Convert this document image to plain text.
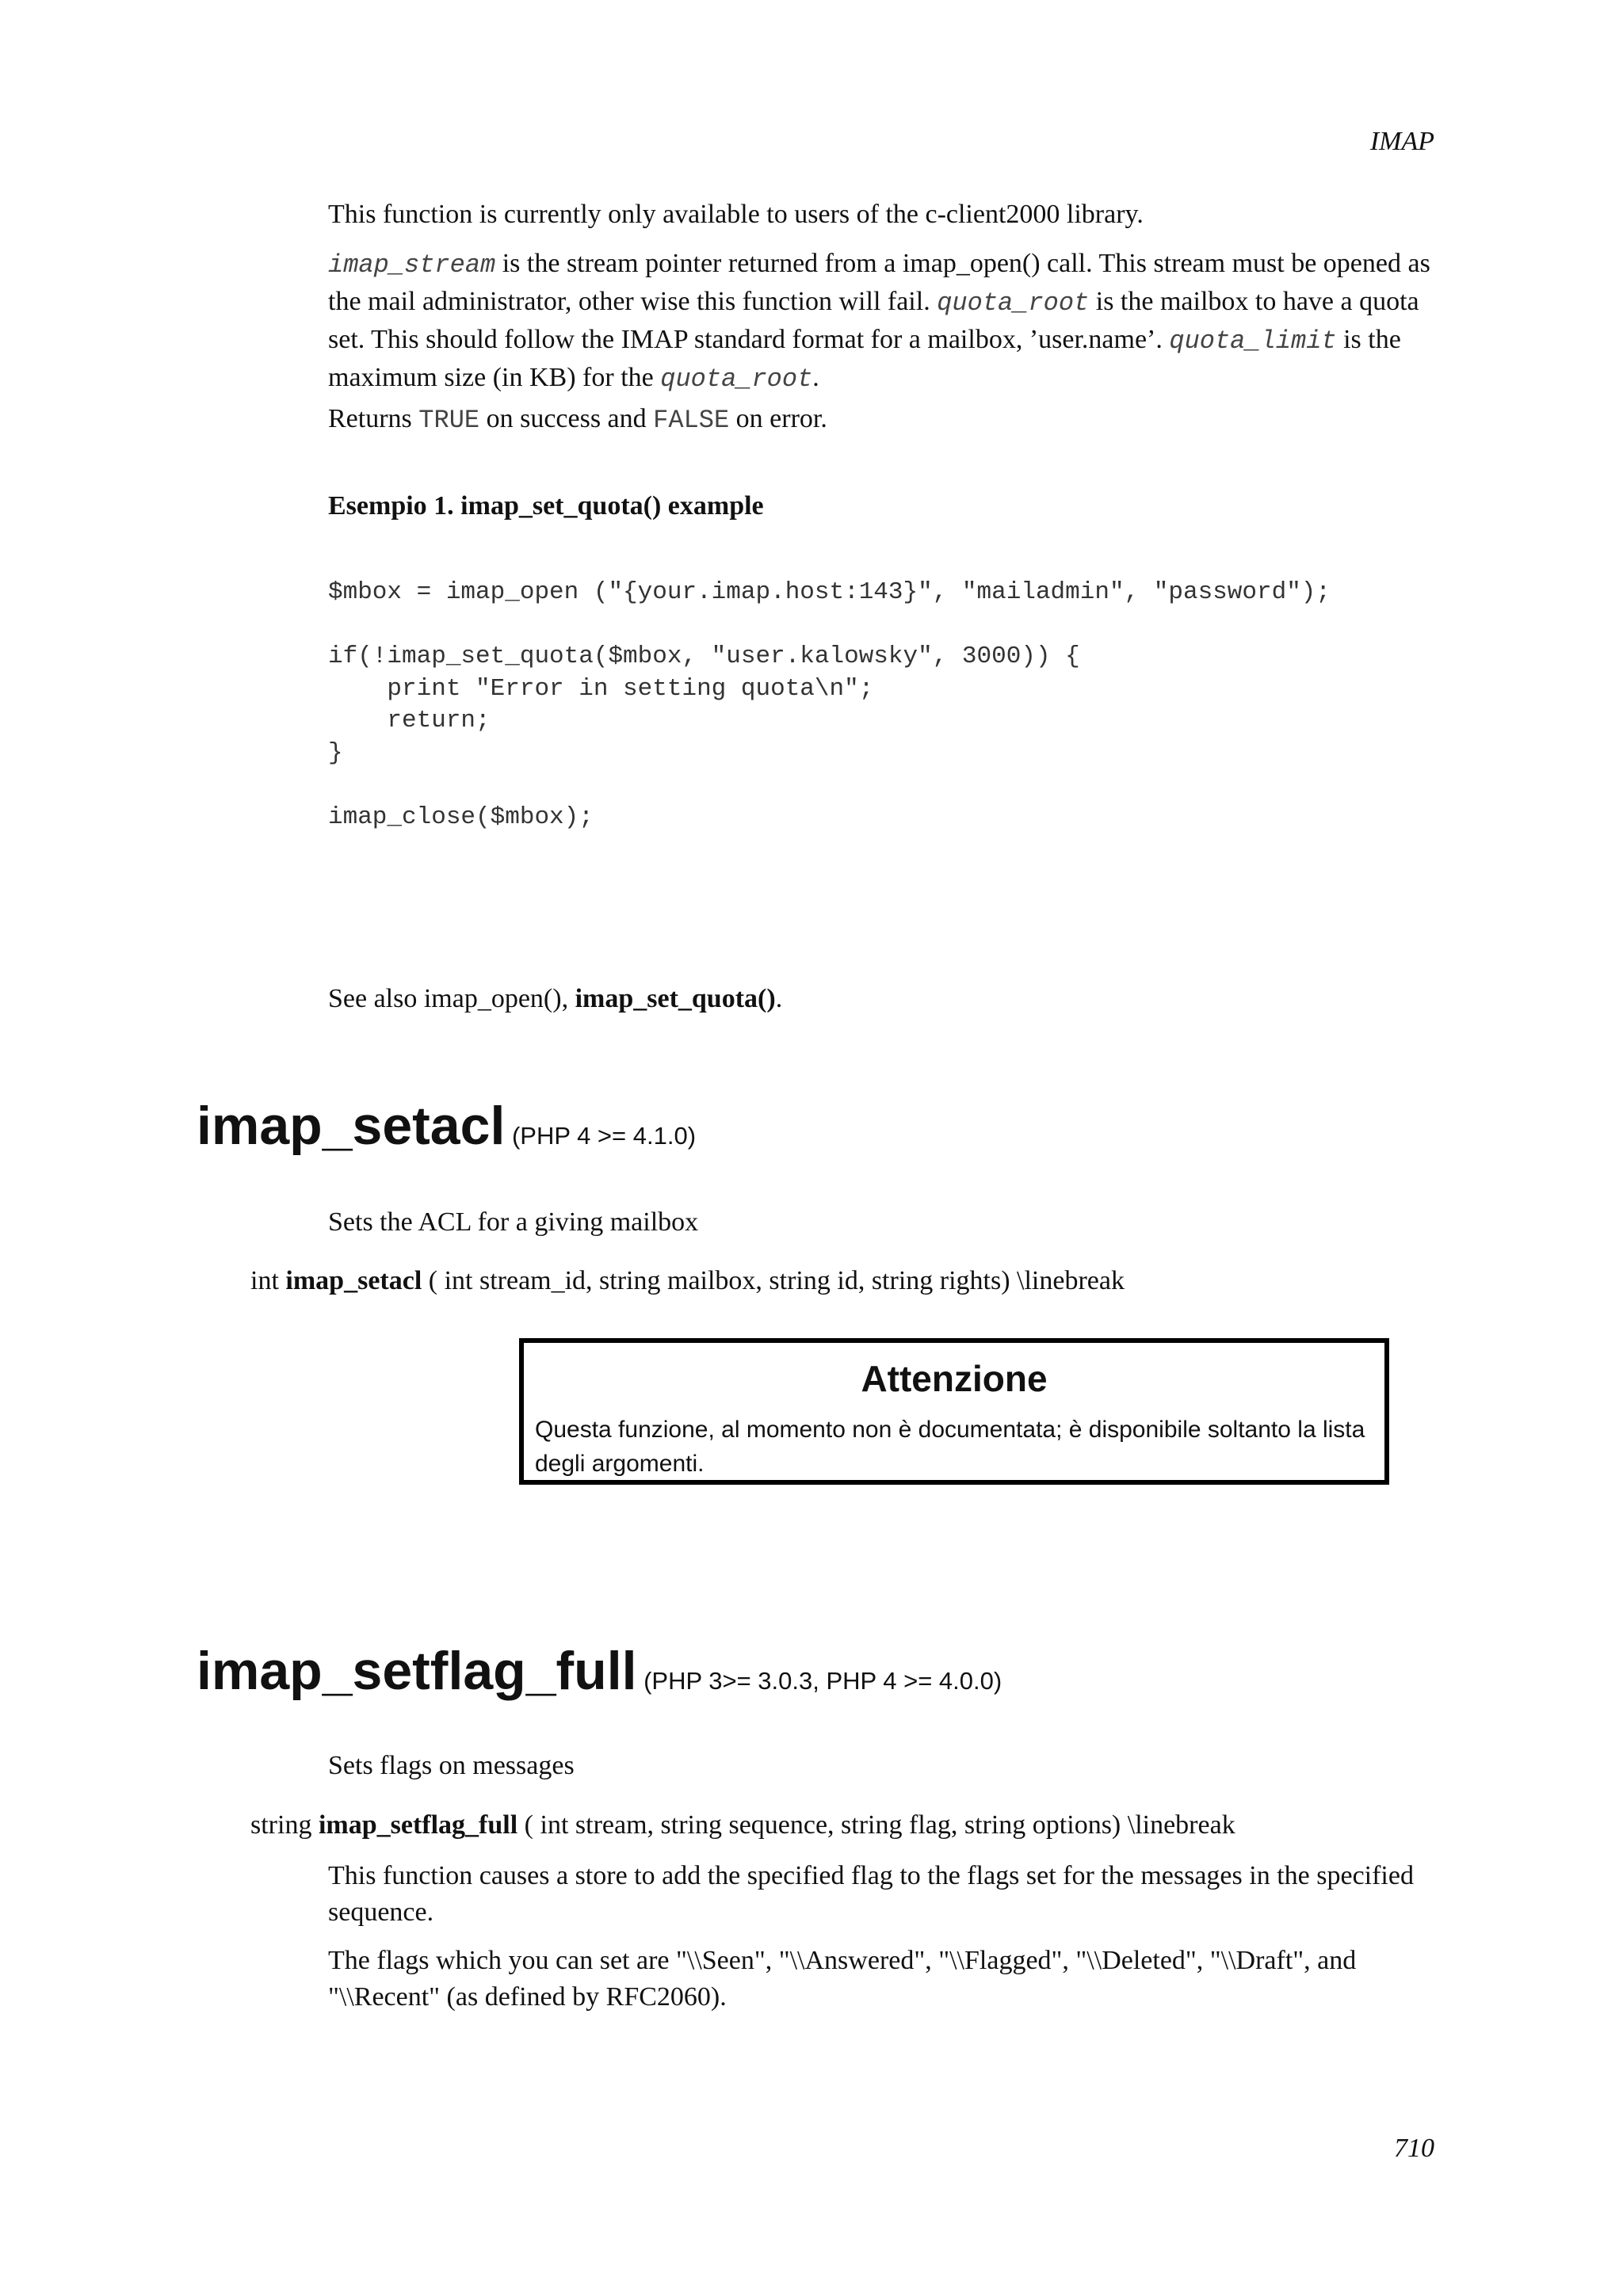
IMAP
This function is currently only available to users of the c-client2000 library.
imap_stream is the stream pointer returned from a imap_open() call. This stream must be opened as the mail administrator, other wise this function will fail. quota_root is the mailbox to have a quota set. This should follow the IMAP standard format for a mailbox, ’user.name’. quota_limit is the maximum size (in KB) for the quota_root.
Returns TRUE on success and FALSE on error.
Esempio 1. imap_set_quota() example
$mbox = imap_open ("{your.imap.host:143}", "mailadmin", "password");

if(!imap_set_quota($mbox, "user.kalowsky", 3000)) {
print "Error in setting quota\n";
return;
}

imap_close($mbox);
See also imap_open(), imap_set_quota().
imap_setacl (PHP 4 >= 4.1.0)
Sets the ACL for a giving mailbox
int imap_setacl ( int stream_id, string mailbox, string id, string rights) \linebreak
Attenzione
Questa funzione, al momento non è documentata; è disponibile soltanto la lista degli argomenti.
imap_setflag_full (PHP 3>= 3.0.3, PHP 4 >= 4.0.0)
Sets flags on messages
string imap_setflag_full ( int stream, string sequence, string flag, string options) \linebreak
This function causes a store to add the specified flag to the flags set for the messages in the specified sequence.
The flags which you can set are "\\Seen", "\\Answered", "\\Flagged", "\\Deleted", "\\Draft", and "\\Recent" (as defined by RFC2060).
710
